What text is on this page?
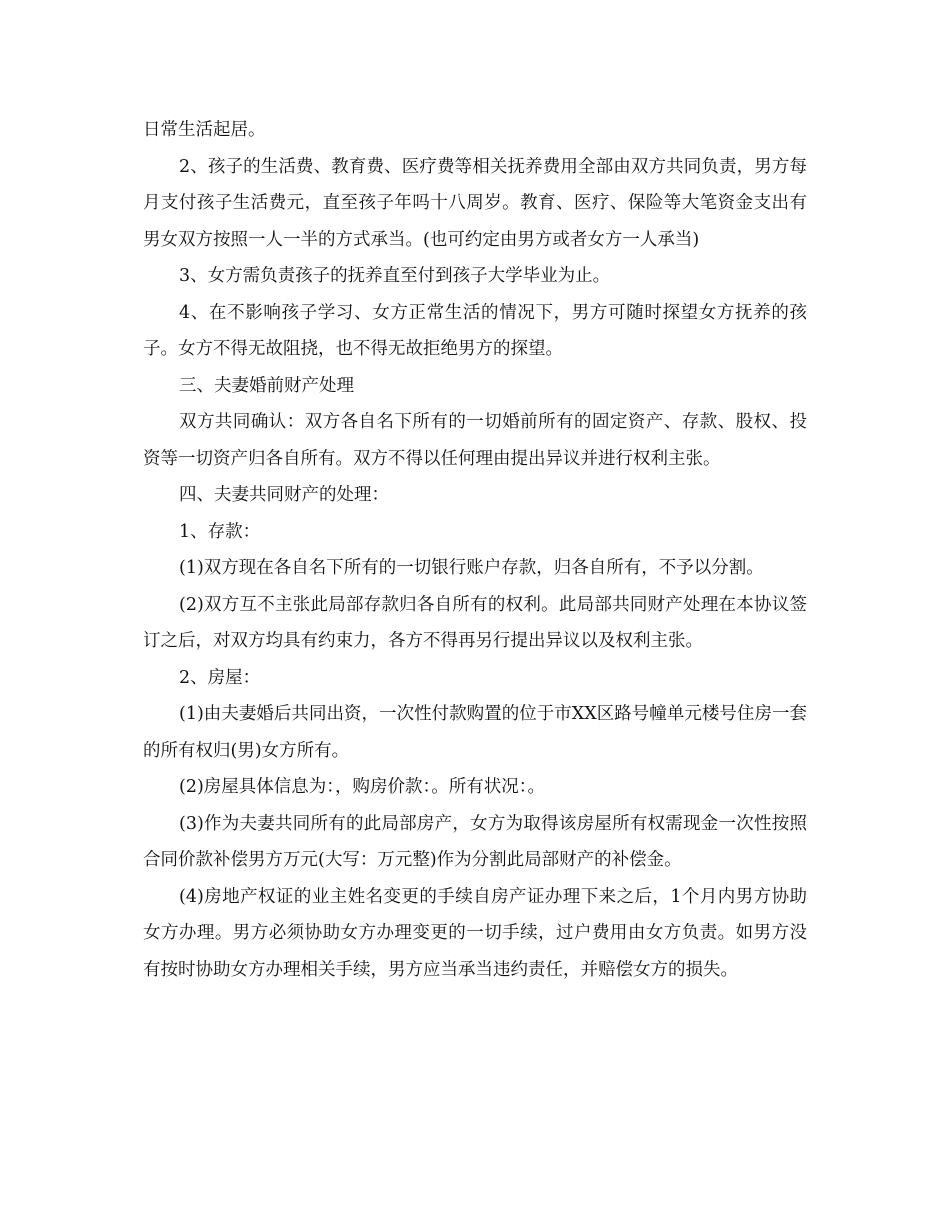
日常生活起居。

2、孩子的生活费、教育费、医疗费等相关抚养费用全部由双方共同负责，男方每月支付孩子生活费元，直至孩子年吗十八周岁。教育、医疗、保险等大笔资金支出有男女双方按照一人一半的方式承当。(也可约定由男方或者女方一人承当)

3、女方需负责孩子的抚养直至付到孩子大学毕业为止。

4、在不影响孩子学习、女方正常生活的情况下，男方可随时探望女方抚养的孩子。女方不得无故阻挠，也不得无故拒绝男方的探望。

三、夫妻婚前财产处理

双方共同确认：双方各自名下所有的一切婚前所有的固定资产、存款、股权、投资等一切资产归各自所有。双方不得以任何理由提出异议并进行权利主张。

四、夫妻共同财产的处理：

1、存款：

(1)双方现在各自名下所有的一切银行账户存款，归各自所有，不予以分割。

(2)双方互不主张此局部存款归各自所有的权利。此局部共同财产处理在本协议签订之后，对双方均具有约束力，各方不得再另行提出异议以及权利主张。

2、房屋：

(1)由夫妻婚后共同出资，一次性付款购置的位于市XX区路号幢单元楼号住房一套的所有权归(男)女方所有。

(2)房屋具体信息为：，购房价款：。所有状况：。

(3)作为夫妻共同所有的此局部房产，女方为取得该房屋所有权需现金一次性按照合同价款补偿男方万元(大写：万元整)作为分割此局部财产的补偿金。

(4)房地产权证的业主姓名变更的手续自房产证办理下来之后，1个月内男方协助女方办理。男方必须协助女方办理变更的一切手续，过户费用由女方负责。如男方没有按时协助女方办理相关手续，男方应当承当违约责任，并赔偿女方的损失。
